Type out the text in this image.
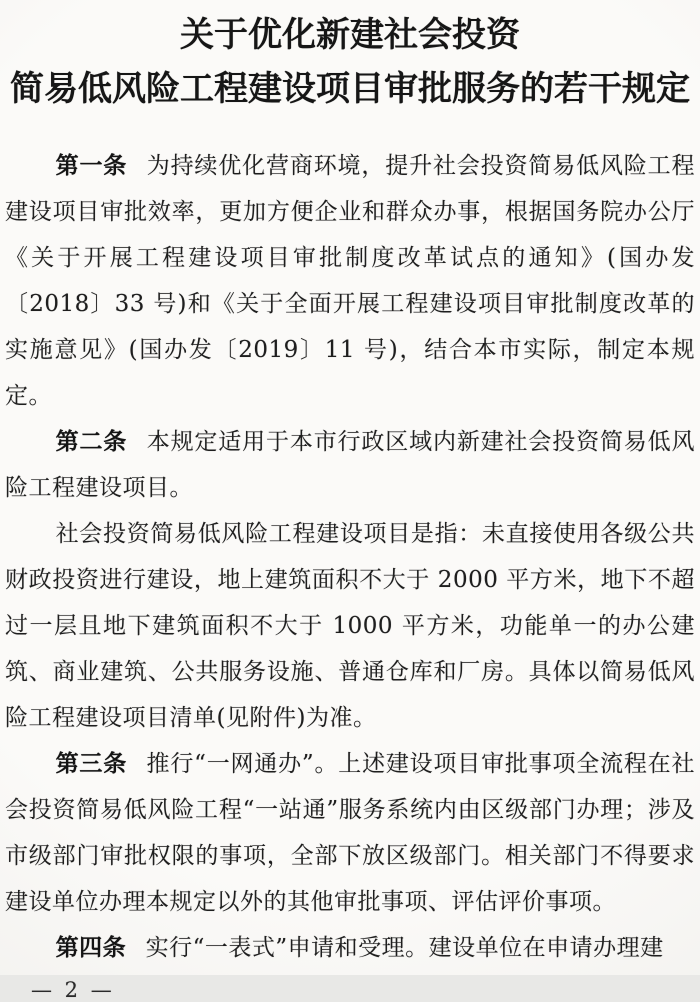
关于优化新建社会投资
简易低风险工程建设项目审批服务的若干规定

第一条 为持续优化营商环境，提升社会投资简易低风险工程建设项目审批效率，更加方便企业和群众办事，根据国务院办公厅《关于开展工程建设项目审批制度改革试点的通知》(国办发〔2018〕33 号)和《关于全面开展工程建设项目审批制度改革的实施意见》(国办发〔2019〕11 号)，结合本市实际，制定本规定。

第二条 本规定适用于本市行政区域内新建社会投资简易低风险工程建设项目。

社会投资简易低风险工程建设项目是指：未直接使用各级公共财政投资进行建设，地上建筑面积不大于 2000 平方米，地下不超过一层且地下建筑面积不大于 1000 平方米，功能单一的办公建筑、商业建筑、公共服务设施、普通仓库和厂房。具体以简易低风险工程建设项目清单(见附件)为准。

第三条 推行“一网通办”。上述建设项目审批事项全流程在社会投资简易低风险工程“一站通”服务系统内由区级部门办理；涉及市级部门审批权限的事项，全部下放区级部门。相关部门不得要求建设单位办理本规定以外的其他审批事项、评估评价事项。

第四条 实行“一表式”申请和受理。建设单位在申请办理建

— 2 —
